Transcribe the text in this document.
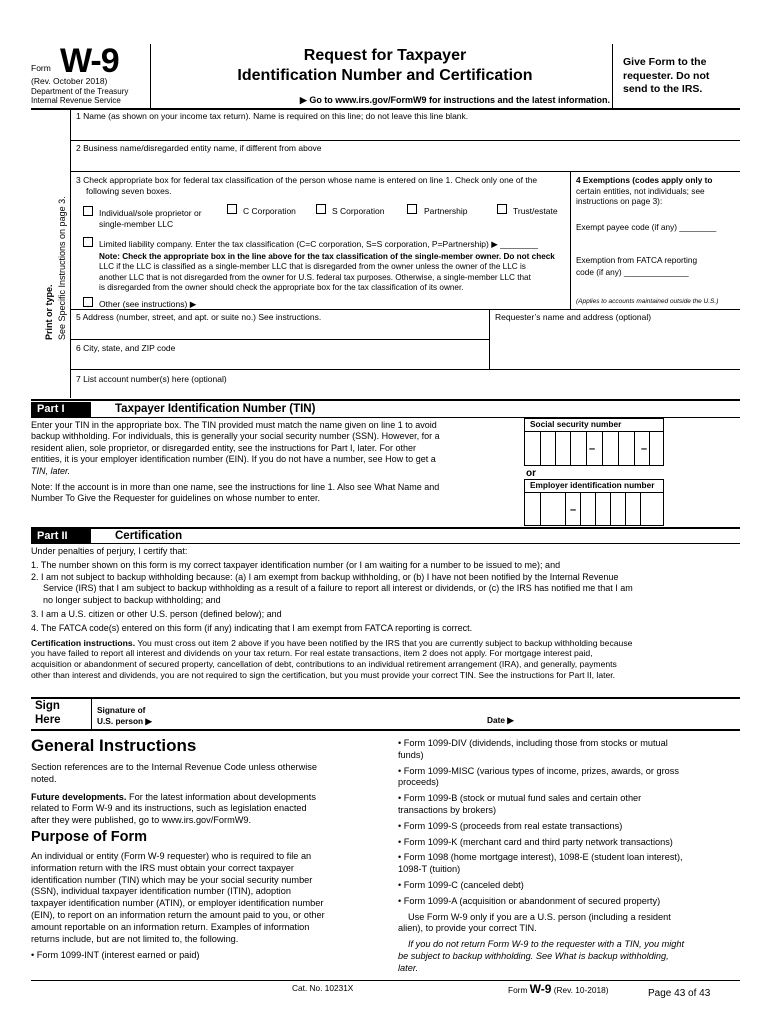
Form W-9
(Rev. October 2018)
Department of the Treasury
Internal Revenue Service
Request for Taxpayer
Identification Number and Certification
▶ Go to www.irs.gov/FormW9 for instructions and the latest information.
Give Form to the
requester. Do not
send to the IRS.
Print or type. See Specific Instructions on page 3.
1 Name (as shown on your income tax return). Name is required on this line; do not leave this line blank.
2 Business name/disregarded entity name, if different from above
3 Check appropriate box for federal tax classification of the person whose name is entered on line 1. Check only one of the
following seven boxes.
Individual/sole proprietor or
single-member LLC
C Corporation	S Corporation	Partnership	Trust/estate
Limited liability company. Enter the tax classification (C=C corporation, S=S corporation, P=Partnership) ▶ ________
Note: Check the appropriate box in the line above for the tax classification of the single-member owner. Do not check
LLC if the LLC is classified as a single-member LLC that is disregarded from the owner unless the owner of the LLC is
another LLC that is not disregarded from the owner for U.S. federal tax purposes. Otherwise, a single-member LLC that
is disregarded from the owner should check the appropriate box for the tax classification of its owner.
Other (see instructions) ▶
4 Exemptions (codes apply only to
certain entities, not individuals; see
instructions on page 3):
Exempt payee code (if any) ________
Exemption from FATCA reporting
code (if any) ______________
(Applies to accounts maintained outside the U.S.)
5 Address (number, street, and apt. or suite no.) See instructions.	Requester’s name and address (optional)
6 City, state, and ZIP code
7 List account number(s) here (optional)
Part I	Taxpayer Identification Number (TIN)
Enter your TIN in the appropriate box. The TIN provided must match the name given on line 1 to avoid
backup withholding. For individuals, this is generally your social security number (SSN). However, for a
resident alien, sole proprietor, or disregarded entity, see the instructions for Part I, later. For other
entities, it is your employer identification number (EIN). If you do not have a number, see How to get a
TIN, later.
Note: If the account is in more than one name, see the instructions for line 1. Also see What Name and
Number To Give the Requester for guidelines on whose number to enter.
Social security number
–	–
or
Employer identification number
–
Part II	Certification
Under penalties of perjury, I certify that:
1. The number shown on this form is my correct taxpayer identification number (or I am waiting for a number to be issued to me); and
2. I am not subject to backup withholding because: (a) I am exempt from backup withholding, or (b) I have not been notified by the Internal Revenue
Service (IRS) that I am subject to backup withholding as a result of a failure to report all interest or dividends, or (c) the IRS has notified me that I am
no longer subject to backup withholding; and
3. I am a U.S. citizen or other U.S. person (defined below); and
4. The FATCA code(s) entered on this form (if any) indicating that I am exempt from FATCA reporting is correct.
Certification instructions. You must cross out item 2 above if you have been notified by the IRS that you are currently subject to backup withholding because
you have failed to report all interest and dividends on your tax return. For real estate transactions, item 2 does not apply. For mortgage interest paid,
acquisition or abandonment of secured property, cancellation of debt, contributions to an individual retirement arrangement (IRA), and generally, payments
other than interest and dividends, you are not required to sign the certification, but you must provide your correct TIN. See the instructions for Part II, later.
Sign
Here
Signature of
U.S. person ▶	Date ▶
General Instructions

Section references are to the Internal Revenue Code unless otherwise
noted.

Future developments. For the latest information about developments
related to Form W-9 and its instructions, such as legislation enacted
after they were published, go to www.irs.gov/FormW9.

Purpose of Form
An individual or entity (Form W-9 requester) who is required to file an
information return with the IRS must obtain your correct taxpayer
identification number (TIN) which may be your social security number
(SSN), individual taxpayer identification number (ITIN), adoption
taxpayer identification number (ATIN), or employer identification number
(EIN), to report on an information return the amount paid to you, or other
amount reportable on an information return. Examples of information
returns include, but are not limited to, the following.
• Form 1099-INT (interest earned or paid)

• Form 1099-DIV (dividends, including those from stocks or mutual
funds)

• Form 1099-MISC (various types of income, prizes, awards, or gross
proceeds)

• Form 1099-B (stock or mutual fund sales and certain other
transactions by brokers)

• Form 1099-S (proceeds from real estate transactions)

• Form 1099-K (merchant card and third party network transactions)

• Form 1098 (home mortgage interest), 1098-E (student loan interest),
1098-T (tuition)

• Form 1099-C (canceled debt)

• Form 1099-A (acquisition or abandonment of secured property)

Use Form W-9 only if you are a U.S. person (including a resident
alien), to provide your correct TIN.

If you do not return Form W-9 to the requester with a TIN, you might
be subject to backup withholding. See What is backup withholding,
later.

Cat. No. 10231X	Form W-9 (Rev. 10-2018)	Page 43 of 43
